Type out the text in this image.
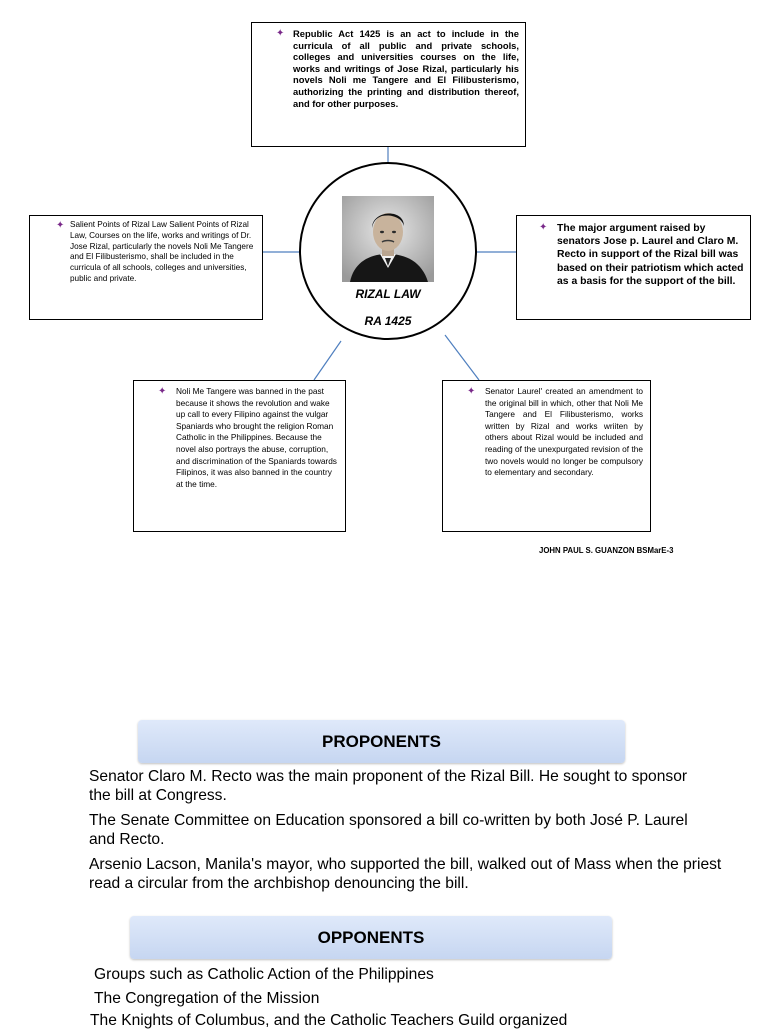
✦ Republic Act 1425 is an act to include in the curricula of all public and private schools, colleges and universities courses on the life, works and writings of Jose Rizal, particularly his novels Noli me Tangere and El Filibusterismo, authorizing the printing and distribution thereof, and for other purposes.

✦ Salient Points of Rizal Law Salient Points of Rizal Law, Courses on the life, works and writings of Dr. Jose Rizal, particularly the novels Noli Me Tangere and El Filibusterismo, shall be included in the curricula of all schools, colleges and universities, public and private.

✦ The major argument raised by senators Jose p. Laurel and Claro M. Recto in support of the Rizal bill was based on their patriotism which acted as a basis for the support of the bill.

✦ Noli Me Tangere was banned in the past because it shows the revolution and wake up call to every Filipino against the vulgar Spaniards who brought the religion Roman Catholic in the Philippines. Because the novel also portrays the abuse, corruption, and discrimination of the Spaniards towards Filipinos, it was also banned in the country at the time.

✦ Senator Laurel' created an amendment to the original bill in which, other that Noli Me Tangere and El Filibusterismo, works written by Rizal and works wriiten by others about Rizal would be included and reading of the unexpurgated revision of the two novels would no longer be compulsory to elementary and secondary.

RIZAL LAW
RA 1425
JOHN PAUL S. GUANZON BSMarE-3
PROPONENTS
Senator Claro M. Recto was the main proponent of the Rizal Bill. He sought to sponsor the bill at Congress.
The Senate Committee on Education sponsored a bill co-written by both José P. Laurel and Recto.
Arsenio Lacson, Manila's mayor, who supported the bill, walked out of Mass when the priest read a circular from the archbishop denouncing the bill.
OPPONENTS
Groups such as Catholic Action of the Philippines
The Congregation of the Mission
The Knights of Columbus, and the Catholic Teachers Guild organized
